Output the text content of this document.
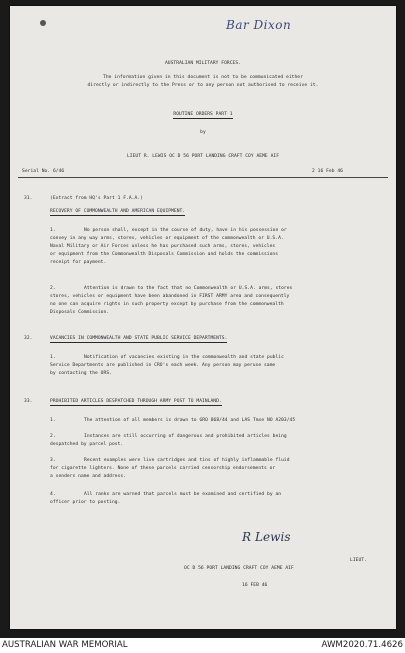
Bar Dixon
AUSTRALIAN MILITARY FORCES.
The information given in this document is not to be communicated either
directly or indirectly to the Press or to any person not authorised to receive it.
ROUTINE ORDERS PART 1
by
LIEUT R. LEWIS OC D 56 PORT LANDING CRAFT COY AEME AIF
Serial No. 6/46	2 16 Feb 46
31.	(Extract from HQ's Part 1 F.A.A.)
RECOVERY OF COMMONWEALTH AND AMERICAN EQUIPMENT.
1.	No person shall, except in the course of duty, have in his possession or
convey in any way arms, stores, vehicles or equipment of the commonwealth or U.S.A.
Naval Military or Air Forces unless he has purchased such arms, stores, vehicles
or equipment from the Commonwealth Disposals Commission and holds the commissions
receipt for payment.
2.	Attention is drawn to the fact that no Commonwealth or U.S.A. arms, stores
stores, vehicles or equipment have been abandoned in FIRST ARMY area and consequently
no one can acquire rights in such property except by purchase from the commonwealth
Disposals Commission.
32.	VACANCIES IN COMMONWEALTH AND STATE PUBLIC SERVICE DEPARTMENTS.
1.	Notification of vacancies existing in the commonwealth and state public
Service Departments are published in CRO's each week. Any person may peruse same
by contacting the ORS.
33.	PROHIBITED ARTICLES DESPATCHED THROUGH ARMY POST TO MAINLAND.
1.	The attention of all members is drawn to GRO 868/44 and LAS Tmse NO A203/45
2.	Instances are still occurring of dangerous and prohibited articles being
despatched by parcel post.
3.	Recent examples were live cartridges and tins of highly inflammable fluid
for cigarette lighters. None of these parcels carried censorship endorsements or
a senders name and address.
4.	All ranks are warned that parcels must be examined and certified by an
officer prior to posting.
R Lewis
LIEUT.
OC D 56 PORT LANDING CRAFT COY AEME AIF
16 FEB 46
AUSTRALIAN WAR MEMORIAL	AWM2020.71.4626
